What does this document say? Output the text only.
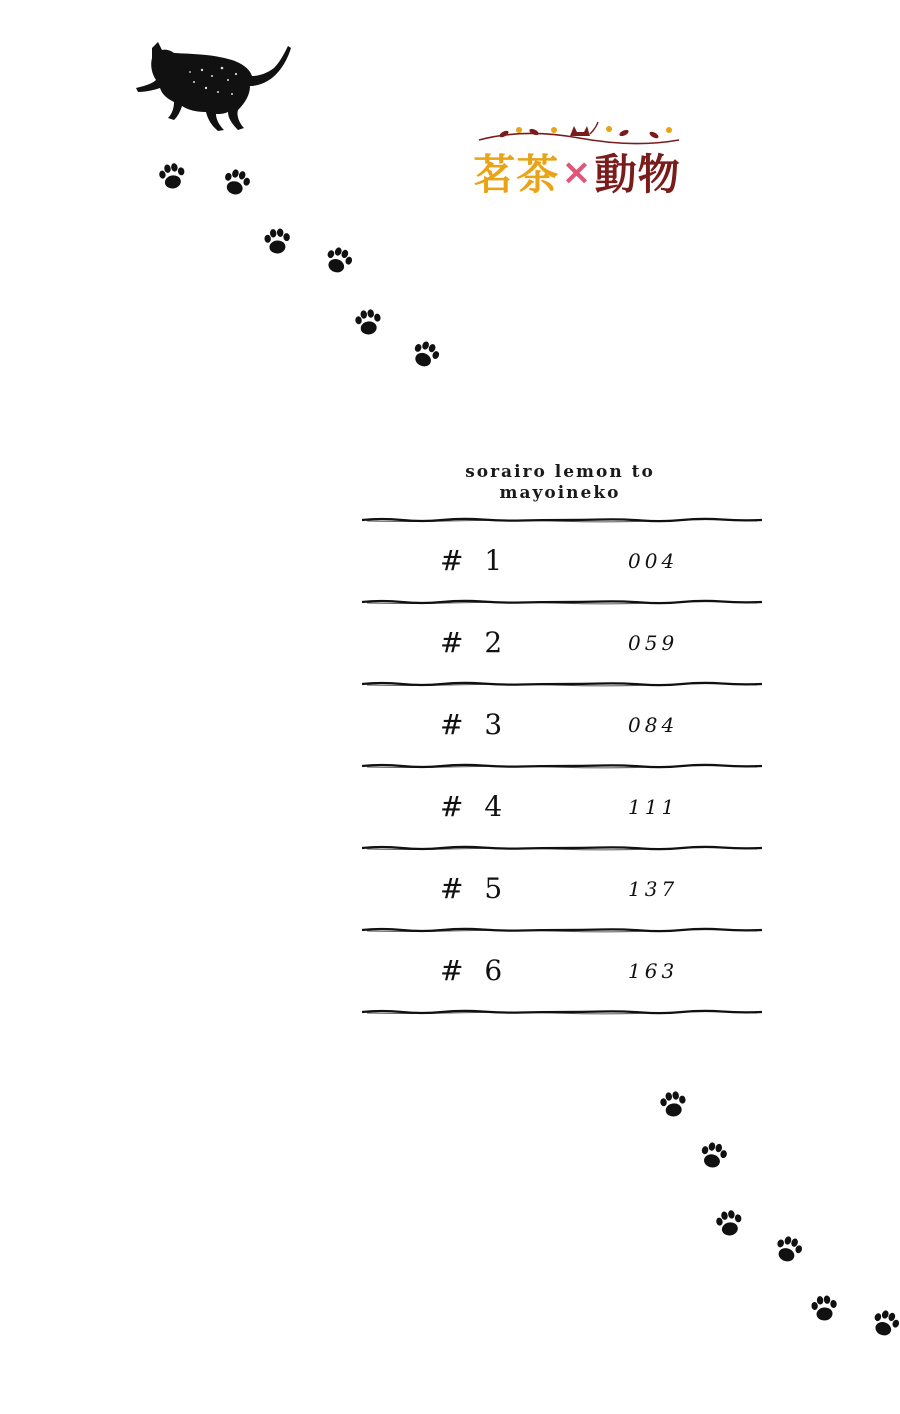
茗茶 × 動物
sorairo lemon to
mayoineko
# 1	004
# 2	059
# 3	084
# 4	111
# 5	137
# 6	163
